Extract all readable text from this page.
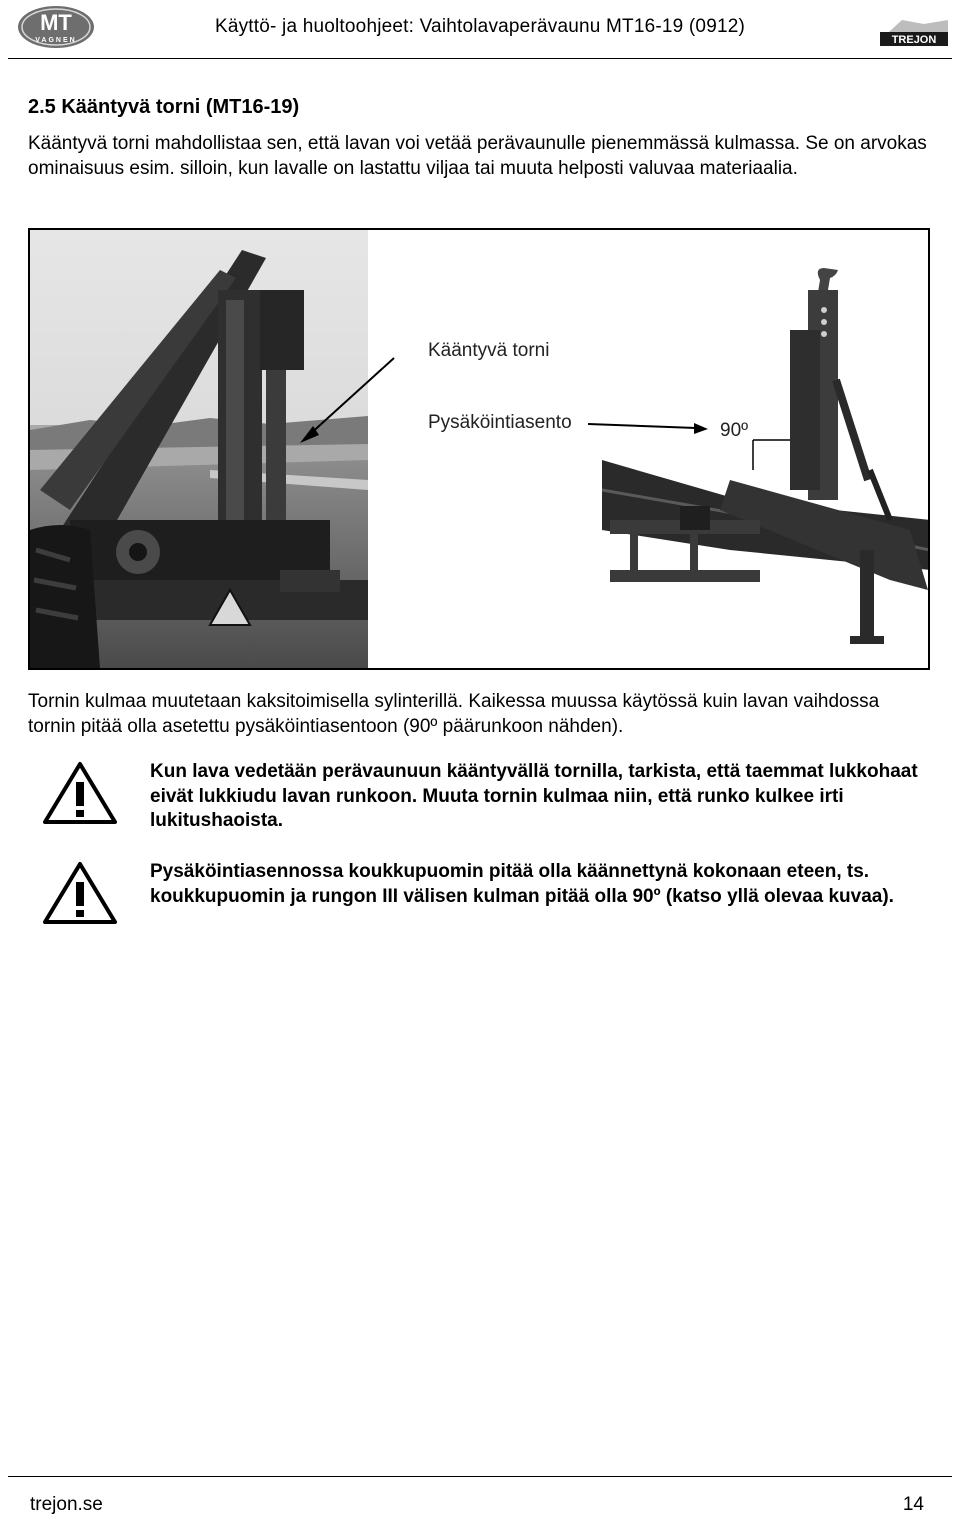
MT
VAGNEN
Käyttö- ja huoltoohjeet: Vaihtolavaperävaunu MT16-19 (0912)
TREJON
2.5 Kääntyvä torni (MT16-19)
Kääntyvä torni mahdollistaa sen, että lavan voi vetää perävaunulle pienemmässä kulmassa. Se on arvokas ominaisuus esim. silloin, kun lavalle on lastattu viljaa tai muuta helposti valuvaa materiaalia.
Kääntyvä torni
Pysäköintiasento	90º
Tornin kulmaa muutetaan kaksitoimisella sylinterillä. Kaikessa muussa käytössä kuin lavan vaihdossa tornin pitää olla asetettu pysäköintiasentoon (90º päärunkoon nähden).
Kun lava vedetään perävaunuun kääntyvällä tornilla, tarkista, että taemmat lukkohaat eivät lukkiudu lavan runkoon. Muuta tornin kulmaa niin, että runko kulkee irti lukitushaoista.
Pysäköintiasennossa koukkupuomin pitää olla käännettynä kokonaan eteen, ts. koukkupuomin ja rungon III välisen kulman pitää olla 90º (katso yllä olevaa kuvaa).
trejon.se	14
